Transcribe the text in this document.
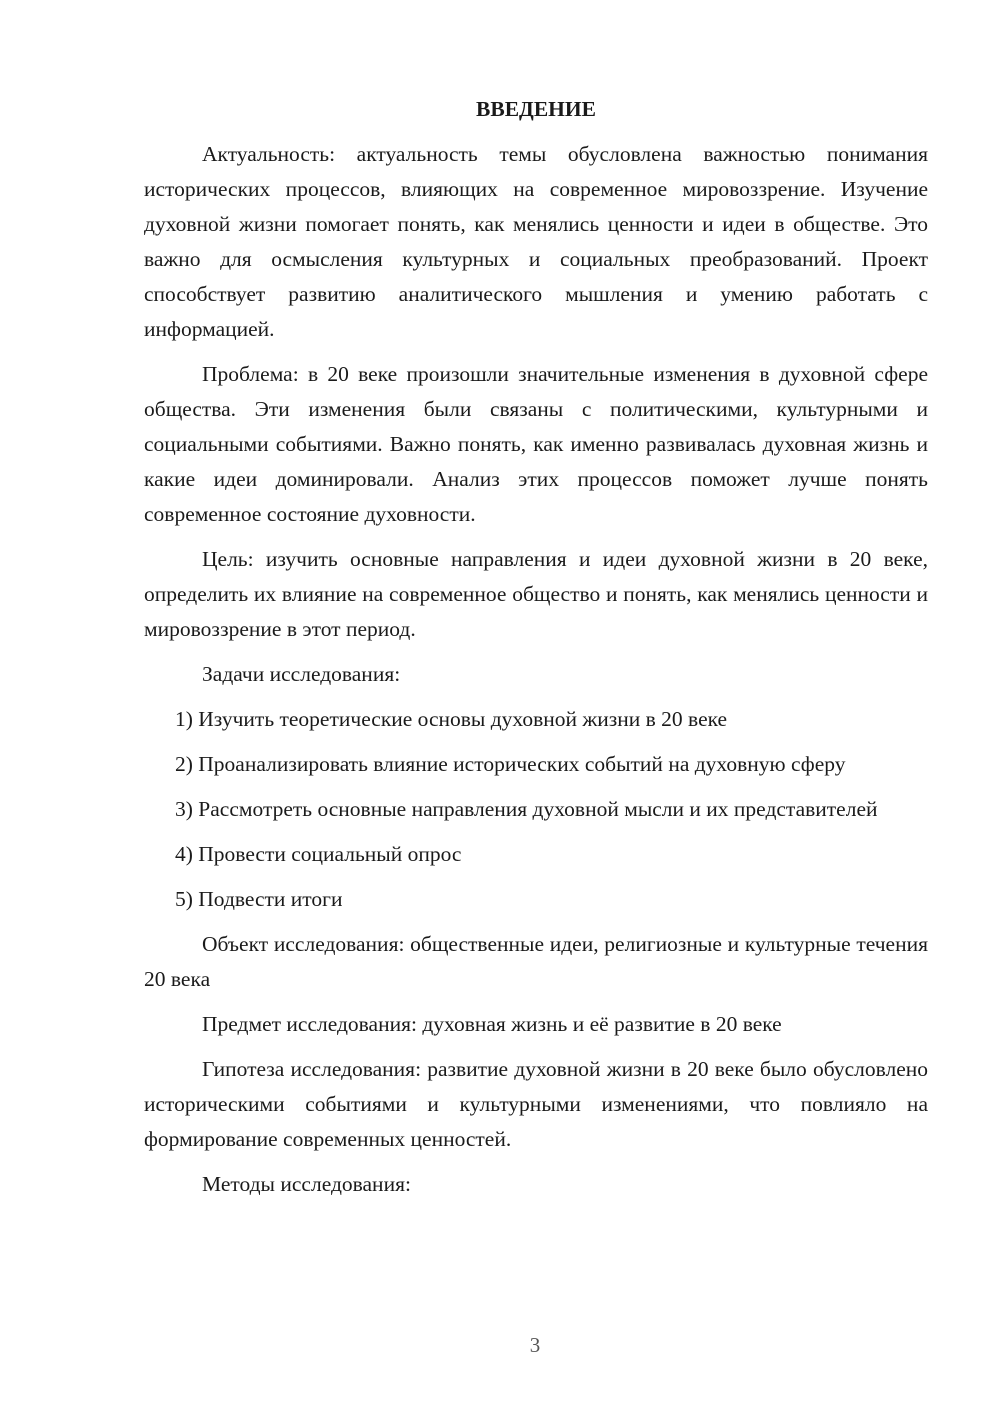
ВВЕДЕНИЕ

Актуальность: актуальность темы обусловлена важностью понимания исторических процессов, влияющих на современное мировоззрение. Изучение духовной жизни помогает понять, как менялись ценности и идеи в обществе. Это важно для осмысления культурных и социальных преобразований. Проект способствует развитию аналитического мышления и умению работать с информацией.

Проблема: в 20 веке произошли значительные изменения в духовной сфере общества. Эти изменения были связаны с политическими, культурными и социальными событиями. Важно понять, как именно развивалась духовная жизнь и какие идеи доминировали. Анализ этих процессов поможет лучше понять современное состояние духовности.

Цель: изучить основные направления и идеи духовной жизни в 20 веке, определить их влияние на современное общество и понять, как менялись ценности и мировоззрение в этот период.

Задачи исследования:

1) Изучить теоретические основы духовной жизни в 20 веке

2) Проанализировать влияние исторических событий на духовную сферу

3) Рассмотреть основные направления духовной мысли и их представителей

4) Провести социальный опрос

5) Подвести итоги

Объект исследования: общественные идеи, религиозные и культурные течения 20 века

Предмет исследования: духовная жизнь и её развитие в 20 веке

Гипотеза исследования: развитие духовной жизни в 20 веке было обусловлено историческими событиями и культурными изменениями, что повлияло на формирование современных ценностей.

Методы исследования:

3
